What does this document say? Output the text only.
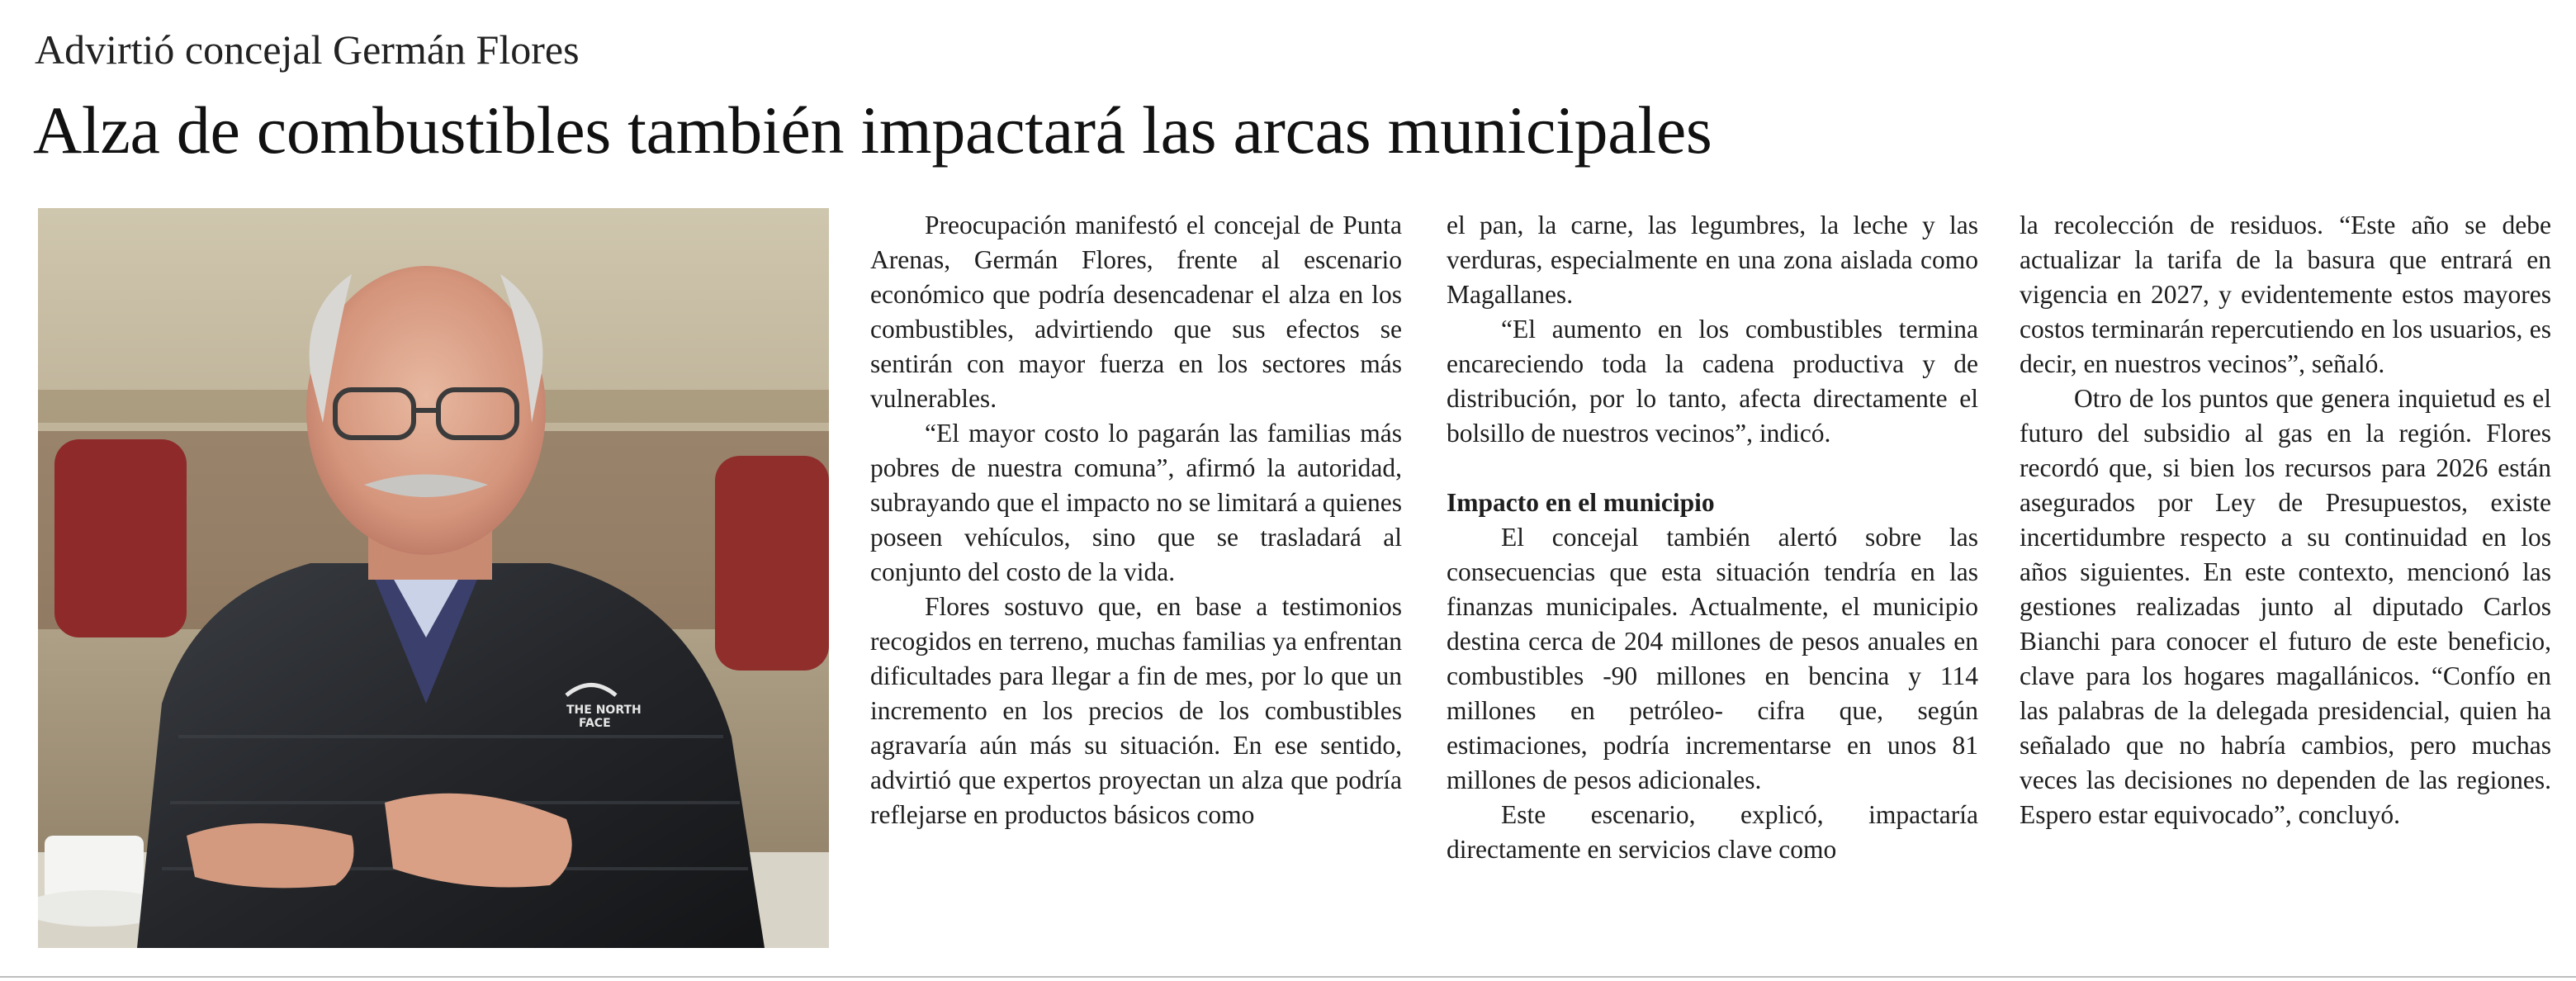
Advirtió concejal Germán Flores
Alza de combustibles también impactará las arcas municipales
THE NORTH
FACE

Preocupación manifestó el concejal de Punta Arenas, Germán Flores, frente al escenario económico que podría desencadenar el alza en los combustibles, advirtiendo que sus efectos se sentirán con mayor fuerza en los sectores más vulnerables.

“El mayor costo lo pagarán las familias más pobres de nuestra comuna”, afirmó la autoridad, subrayando que el impacto no se limitará a quienes poseen vehículos, sino que se trasladará al conjunto del costo de la vida.

Flores sostuvo que, en base a testimonios recogidos en terreno, muchas familias ya enfrentan dificultades para llegar a fin de mes, por lo que un incremento en los precios de los combustibles agravaría aún más su situación. En ese sentido, advirtió que expertos proyectan un alza que podría reflejarse en productos básicos como

el pan, la carne, las legumbres, la leche y las verduras, especialmente en una zona aislada como Magallanes.

“El aumento en los combustibles termina encareciendo toda la cadena productiva y de distribución, por lo tanto, afecta directamente el bolsillo de nuestros vecinos”, indicó.

Impacto en el municipio

El concejal también alertó sobre las consecuencias que esta situación tendría en las finanzas municipales. Actualmente, el municipio destina cerca de 204 millones de pesos anuales en combustibles -90 millones en bencina y 114 millones en petróleo- cifra que, según estimaciones, podría incrementarse en unos 81 millones de pesos adicionales.

Este escenario, explicó, impactaría directamente en servicios clave como

la recolección de residuos. “Este año se debe actualizar la tarifa de la basura que entrará en vigencia en 2027, y evidentemente estos mayores costos terminarán repercutiendo en los usuarios, es decir, en nuestros vecinos”, señaló.

Otro de los puntos que genera inquietud es el futuro del subsidio al gas en la región. Flores recordó que, si bien los recursos para 2026 están asegurados por Ley de Presupuestos, existe incertidumbre respecto a su continuidad en los años siguientes. En este contexto, mencionó las gestiones realizadas junto al diputado Carlos Bianchi para conocer el futuro de este beneficio, clave para los hogares magallánicos. “Confío en las palabras de la delegada presidencial, quien ha señalado que no habría cambios, pero muchas veces las decisiones no dependen de las regiones. Espero estar equivocado”, concluyó.
